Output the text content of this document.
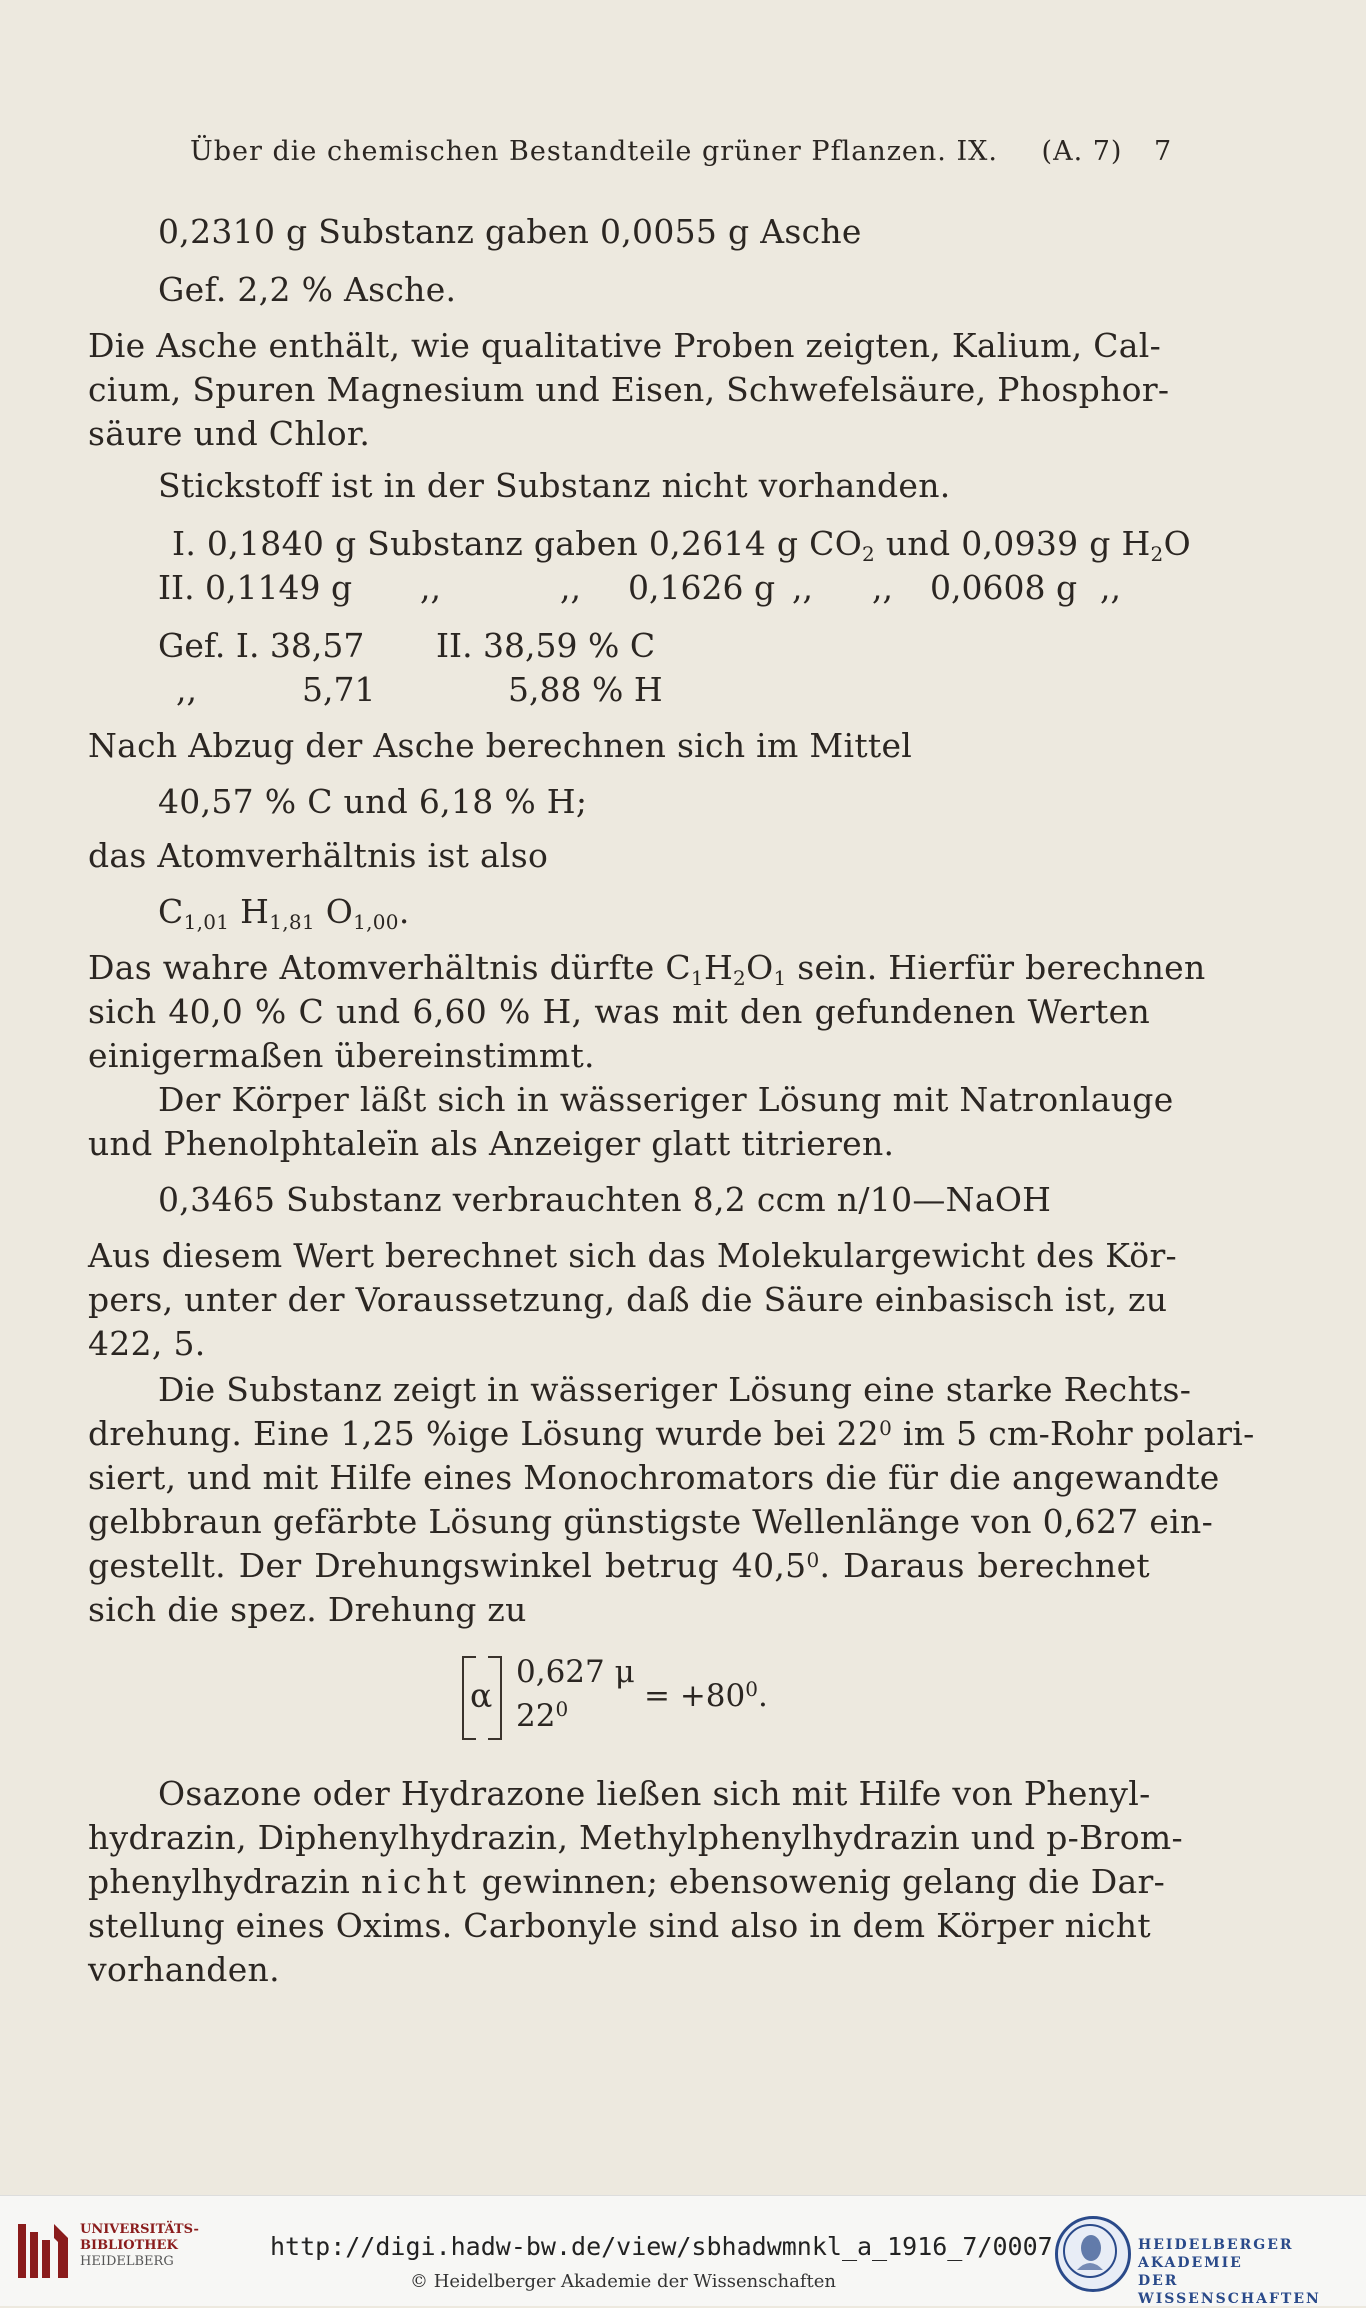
Über die chemischen Bestandteile grüner Pflanzen. IX. (A. 7) 7
0,2310 g Substanz gaben 0,0055 g Asche
Gef. 2,2 % Asche.
Die Asche enthält, wie qualitative Proben zeigten, Kalium, Cal-
cium, Spuren Magnesium und Eisen, Schwefelsäure, Phosphor-
säure und Chlor.
Stickstoff ist in der Substanz nicht vorhanden.
I. 0,1840 g Substanz gaben 0,2614 g $CO_2$ und 0,0939 g $H_2O$
II. 0,1149 g ,,	,, 0,1626 g ,, ,, 0,0608 g ,,
Gef. I. 38,57 II. 38,59 % C
,,	5,71	5,88 % H
Nach Abzug der Asche berechnen sich im Mittel
40,57 % C und 6,18 % H;
das Atomverhältnis ist also
$C_{1,01}$ $H_{1,81}$ $O_{1,00}$.
Das wahre Atomverhältnis dürfte $C_1H_2O_1$ sein. Hierfür berechnen
sich 40,0 % C und 6,60 % H, was mit den gefundenen Werten
einigermaßen übereinstimmt.
Der Körper läßt sich in wässeriger Lösung mit Natronlauge
und Phenolphtaleïn als Anzeiger glatt titrieren.
0,3465 Substanz verbrauchten 8,2 ccm n/10—NaOH
Aus diesem Wert berechnet sich das Molekulargewicht des Kör-
pers, unter der Voraussetzung, daß die Säure einbasisch ist, zu
422, 5.
Die Substanz zeigt in wässeriger Lösung eine starke Rechts-
drehung. Eine 1,25 %ige Lösung wurde bei $22^0$ im 5 cm-Rohr polari-
siert, und mit Hilfe eines Monochromators die für die angewandte
gelbbraun gefärbte Lösung günstigste Wellenlänge von 0,627 ein-
gestellt. Der Drehungswinkel betrug 40,5$^0$. Daraus berechnet
sich die spez. Drehung zu
α
0,627 μ
$22^0 = +80^0$.
Osazone oder Hydrazone ließen sich mit Hilfe von Phenyl-
hydrazin, Diphenylhydrazin, Methylphenylhydrazin und p-Brom-
phenylhydrazin nicht gewinnen; ebensowenig gelang die Dar-
stellung eines Oxims. Carbonyle sind also in dem Körper nicht
vorhanden.
UNIVERSITÄTS-
BIBLIOTHEK
HEIDELBERG
http://digi.hadw-bw.de/view/sbhadwmnkl_a_1916_7/0007
© Heidelberger Akademie der Wissenschaften
HEIDELBERGER AKADEMIE
DER WISSENSCHAFTEN
